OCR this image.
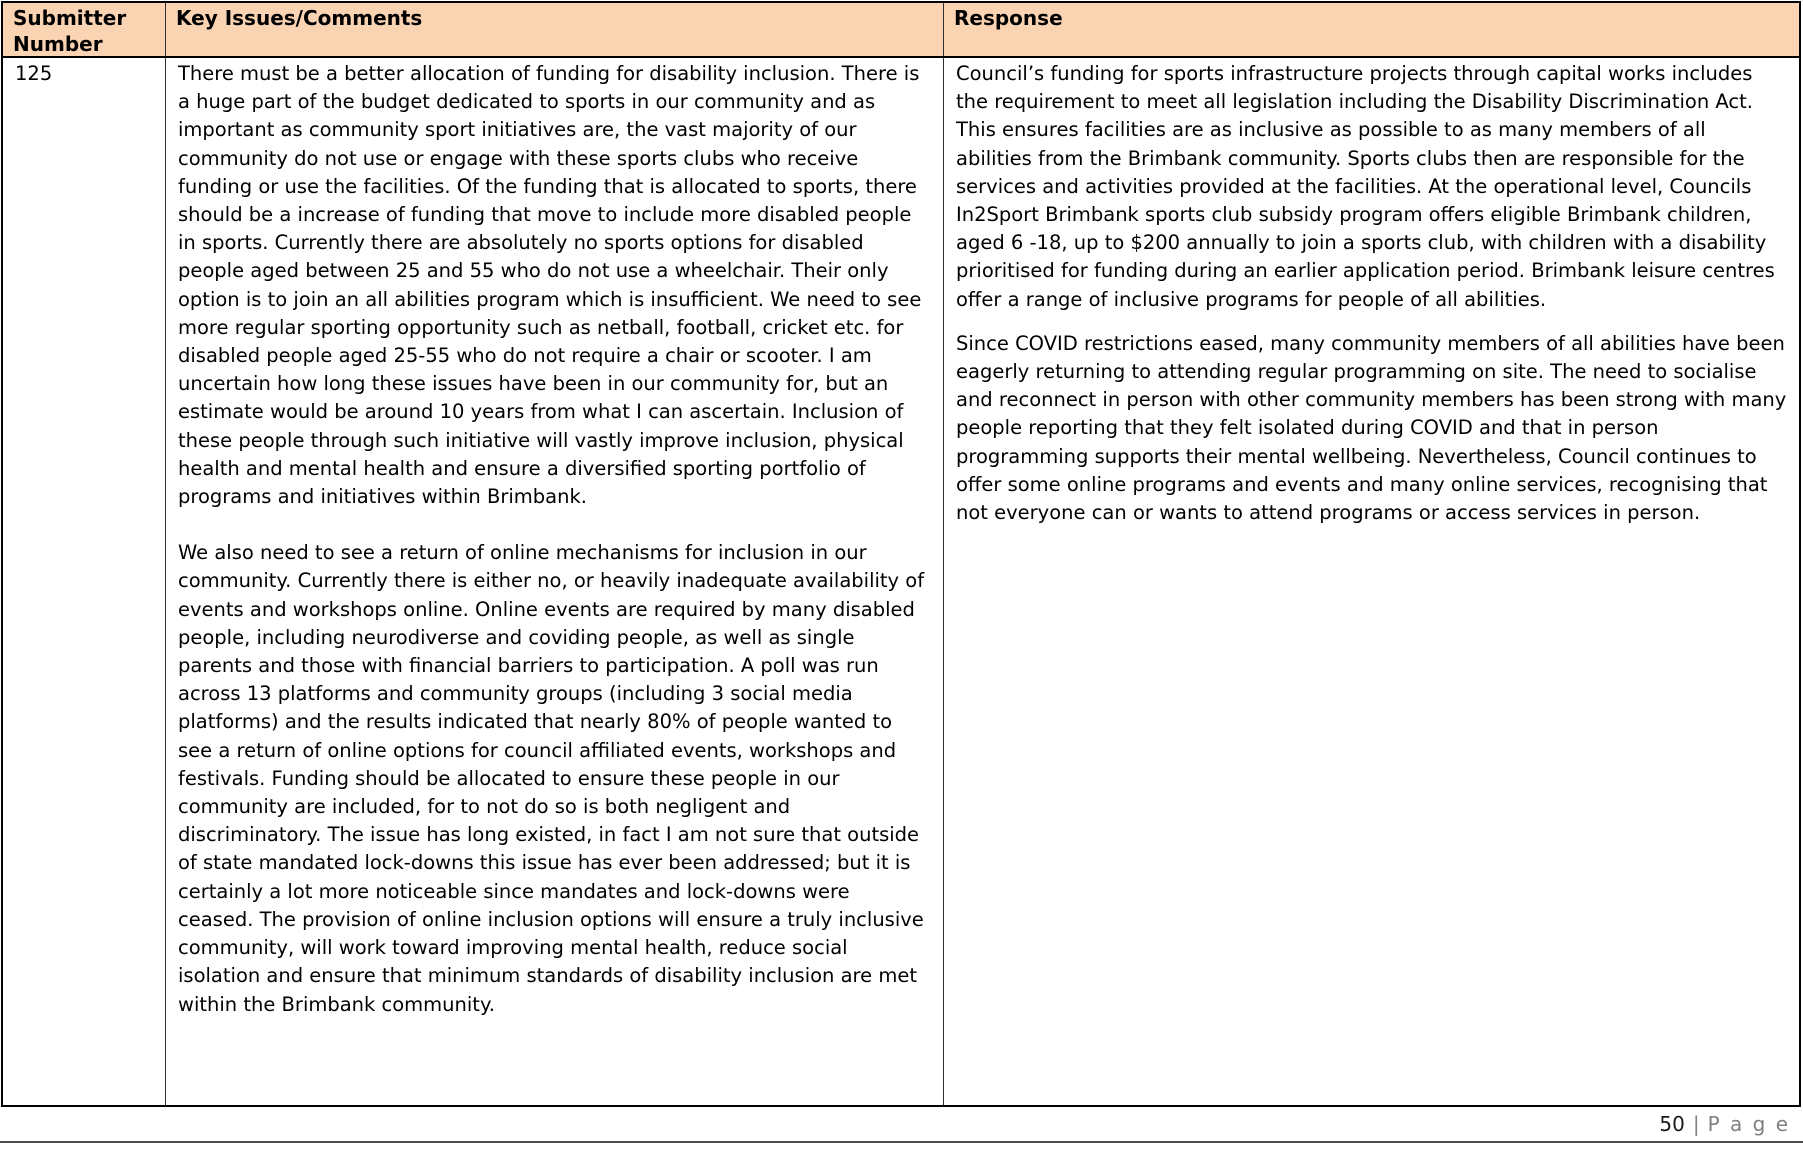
Submitter Number
Key Issues/Comments	Response
125	There must be a better allocation of funding for disability inclusion. There is a huge part of the budget dedicated to sports in our community and as important as community sport initiatives are, the vast majority of our community do not use or engage with these sports clubs who receive funding or use the facilities. Of the funding that is allocated to sports, there should be a increase of funding that move to include more disabled people in sports. Currently there are absolutely no sports options for disabled people aged between 25 and 55 who do not use a wheelchair. Their only option is to join an all abilities program which is insufficient. We need to see more regular sporting opportunity such as netball, football, cricket etc. for disabled people aged 25-55 who do not require a chair or scooter. I am uncertain how long these issues have been in our community for, but an estimate would be around 10 years from what I can ascertain. Inclusion of these people through such initiative will vastly improve inclusion, physical health and mental health and ensure a diversified sporting portfolio of programs and initiatives within Brimbank.

We also need to see a return of online mechanisms for inclusion in our community. Currently there is either no, or heavily inadequate availability of events and workshops online. Online events are required by many disabled people, including neurodiverse and coviding people, as well as single parents and those with financial barriers to participation. A poll was run across 13 platforms and community groups (including 3 social media platforms) and the results indicated that nearly 80% of people wanted to see a return of online options for council affiliated events, workshops and festivals. Funding should be allocated to ensure these people in our community are included, for to not do so is both negligent and discriminatory. The issue has long existed, in fact I am not sure that outside of state mandated lock-downs this issue has ever been addressed; but it is certainly a lot more noticeable since mandates and lock-downs were ceased. The provision of online inclusion options will ensure a truly inclusive community, will work toward improving mental health, reduce social isolation and ensure that minimum standards of disability inclusion are met within the Brimbank community.

Council’s funding for sports infrastructure projects through capital works includes the requirement to meet all legislation including the Disability Discrimination Act. This ensures facilities are as inclusive as possible to as many members of all abilities from the Brimbank community. Sports clubs then are responsible for the services and activities provided at the facilities. At the operational level, Councils In2Sport Brimbank sports club subsidy program offers eligible Brimbank children, aged 6 -18, up to $200 annually to join a sports club, with children with a disability prioritised for funding during an earlier application period. Brimbank leisure centres offer a range of inclusive programs for people of all abilities.

Since COVID restrictions eased, many community members of all abilities have been eagerly returning to attending regular programming on site. The need to socialise and reconnect in person with other community members has been strong with many people reporting that they felt isolated during COVID and that in person programming supports their mental wellbeing. Nevertheless, Council continues to offer some online programs and events and many online services, recognising that not everyone can or wants to attend programs or access services in person.

50 | P a g e
